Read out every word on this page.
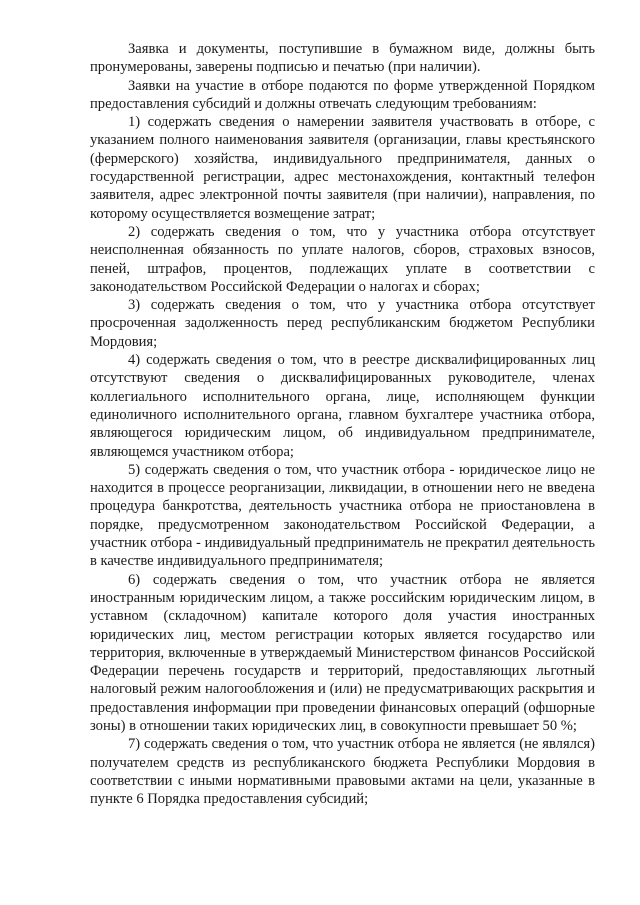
Заявка и документы, поступившие в бумажном виде, должны быть пронумерованы, заверены подписью и печатью (при наличии).

Заявки на участие в отборе подаются по форме утвержденной Порядком предоставления субсидий и должны отвечать следующим требованиям:

1) содержать сведения о намерении заявителя участвовать в отборе, с указанием полного наименования заявителя (организации, главы крестьянского (фермерского) хозяйства, индивидуального предпринимателя, данных о государственной регистрации, адрес местонахождения, контактный телефон заявителя, адрес электронной почты заявителя (при наличии), направления, по которому осуществляется возмещение затрат;

2) содержать сведения о том, что у участника отбора отсутствует неисполненная обязанность по уплате налогов, сборов, страховых взносов, пеней, штрафов, процентов, подлежащих уплате в соответствии с законодательством Российской Федерации о налогах и сборах;

3) содержать сведения о том, что у участника отбора отсутствует просроченная задолженность перед республиканским бюджетом Республики Мордовия;

4) содержать сведения о том, что в реестре дисквалифицированных лиц отсутствуют сведения о дисквалифицированных руководителе, членах коллегиального исполнительного органа, лице, исполняющем функции единоличного исполнительного органа, главном бухгалтере участника отбора, являющегося юридическим лицом, об индивидуальном предпринимателе, являющемся участником отбора;

5) содержать сведения о том, что участник отбора - юридическое лицо не находится в процессе реорганизации, ликвидации, в отношении него не введена процедура банкротства, деятельность участника отбора не приостановлена в порядке, предусмотренном законодательством Российской Федерации, а участник отбора - индивидуальный предприниматель не прекратил деятельность в качестве индивидуального предпринимателя;

6) содержать сведения о том, что участник отбора не является иностранным юридическим лицом, а также российским юридическим лицом, в уставном (складочном) капитале которого доля участия иностранных юридических лиц, местом регистрации которых является государство или территория, включенные в утверждаемый Министерством финансов Российской Федерации перечень государств и территорий, предоставляющих льготный налоговый режим налогообложения и (или) не предусматривающих раскрытия и предоставления информации при проведении финансовых операций (офшорные зоны) в отношении таких юридических лиц, в совокупности превышает 50 %;

7) содержать сведения о том, что участник отбора не является (не являлся) получателем средств из республиканского бюджета Республики Мордовия в соответствии с иными нормативными правовыми актами на цели, указанные в пункте 6 Порядка предоставления субсидий;
